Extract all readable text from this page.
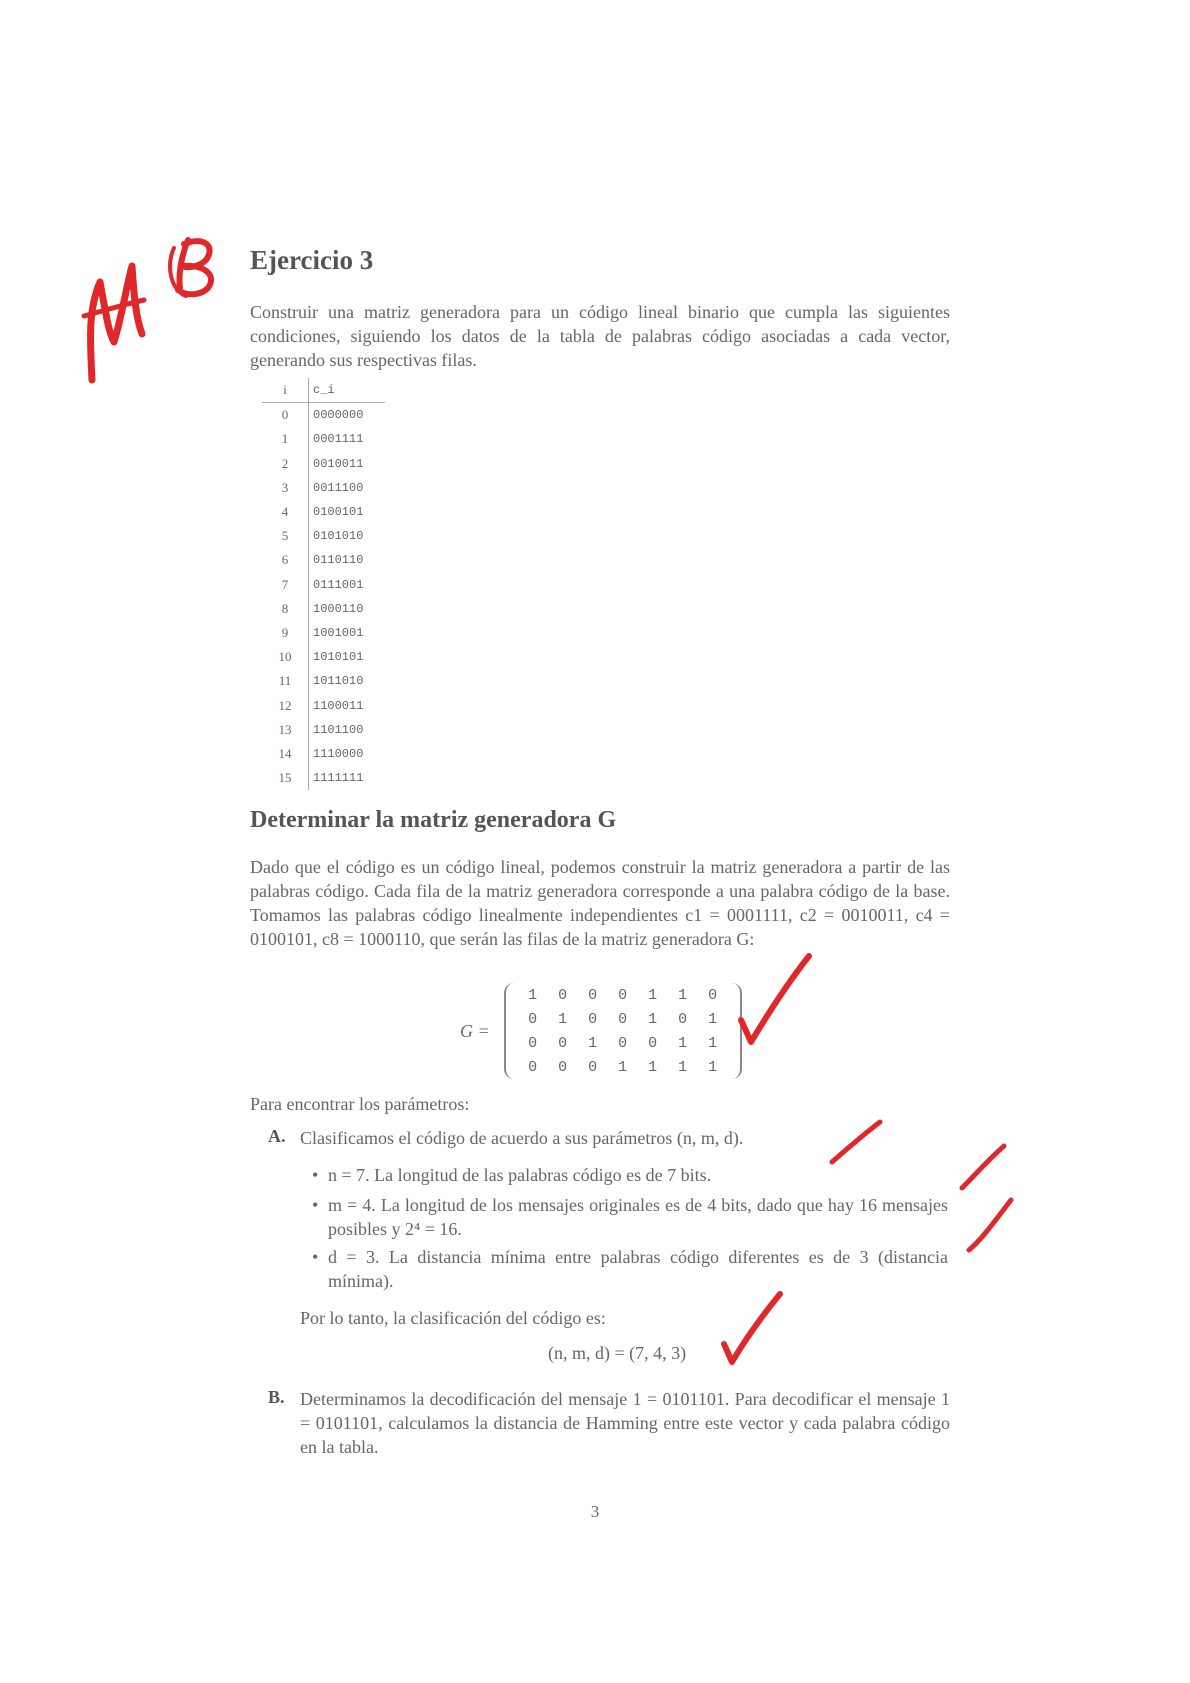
Ejercicio 3

Construir una matriz generadora para un código lineal binario que cumpla las siguientes condiciones, siguiendo los datos de la tabla de palabras código asociadas a cada vector, generando sus respectivas filas.

i	c_i
0	0000000
1	0001111
2	0010011
3	0011100
4	0100101
5	0101010
6	0110110
7	0111001
8	1000110
9	1001001
10	1010101
11	1011010
12	1100011
13	1101100
14	1110000
15	1111111
Determinar la matriz generadora G

Dado que el código es un código lineal, podemos construir la matriz generadora a partir de las palabras código. Cada fila de la matriz generadora corresponde a una palabra código de la base. Tomamos las palabras código linealmente independientes c1 = 0001111, c2 = 0010011, c4 = 0100101, c8 = 1000110, que serán las filas de la matriz generadora G:

G =
1	0	0	0	1	1	0
0	1	0	0	1	0	1
0	0	1	0	0	1	1
0	0	0	1	1	1	1

Para encontrar los parámetros:

A. Clasificamos el código de acuerdo a sus parámetros (n, m, d).

• n = 7. La longitud de las palabras código es de 7 bits.

• m = 4. La longitud de los mensajes originales es de 4 bits, dado que hay 16 mensajes posibles y 2⁴ = 16.

• d = 3. La distancia mínima entre palabras código diferentes es de 3 (distancia mínima).

Por lo tanto, la clasificación del código es:

(n, m, d) = (7, 4, 3)
B. Determinamos la decodificación del mensaje 1 = 0101101. Para decodificar el mensaje 1 = 0101101, calculamos la distancia de Hamming entre este vector y cada palabra código en la tabla.

3
